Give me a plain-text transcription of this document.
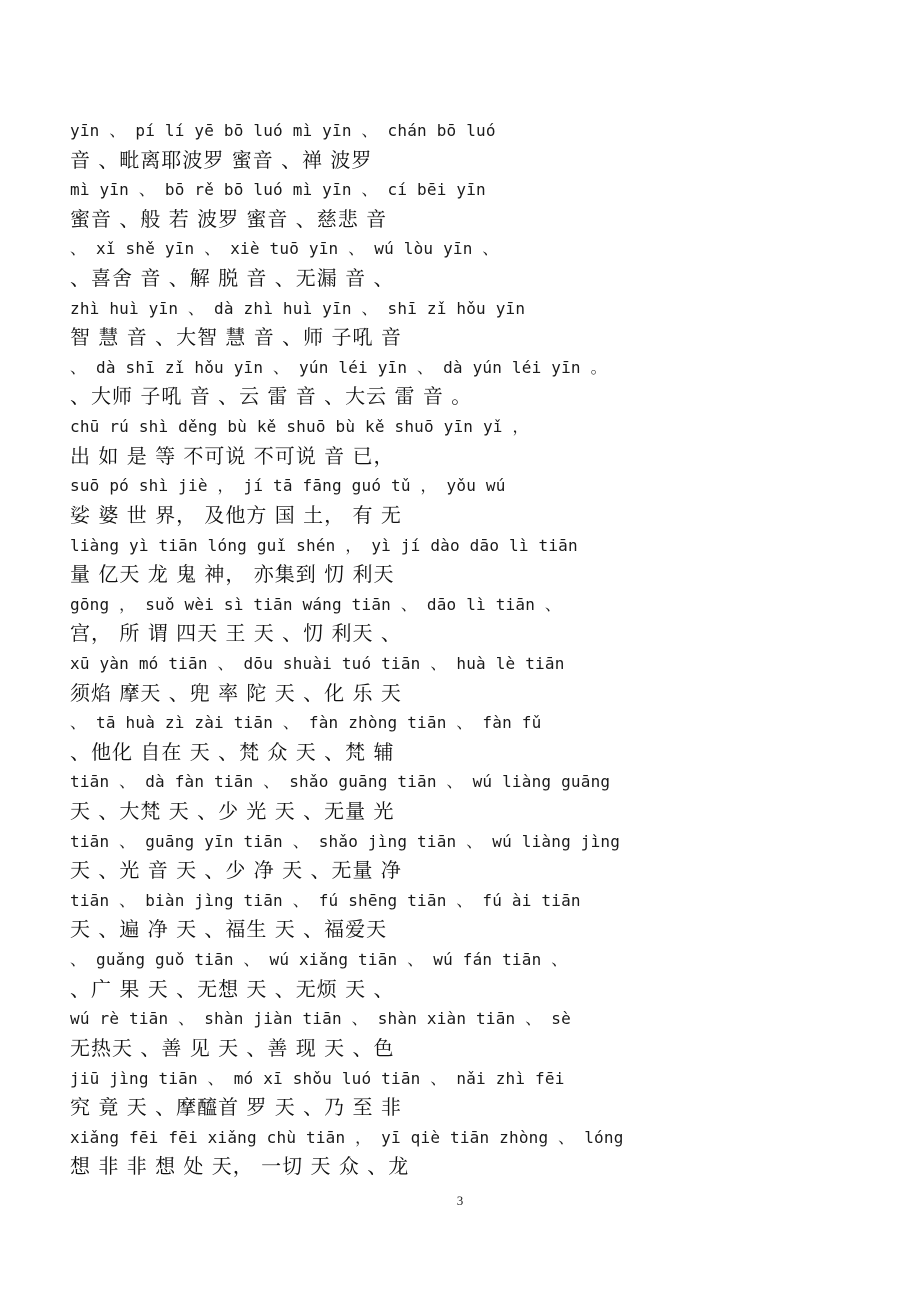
yīn 、 pí lí yē bō luó mì yīn 、 chán bō luó
音 、毗离耶波罗 蜜音 、禅 波罗
mì yīn 、 bō rě bō luó mì yīn 、 cí bēi yīn
蜜音 、般 若 波罗 蜜音 、慈悲 音
、 xǐ shě yīn 、 xiè tuō yīn 、 wú lòu yīn 、
、喜舍 音 、解 脱 音 、无漏 音 、
zhì huì yīn 、 dà zhì huì yīn 、 shī zǐ hǒu yīn
智 慧 音 、大智 慧 音 、师 子吼 音
、 dà shī zǐ hǒu yīn 、 yún léi yīn 、 dà yún léi yīn 。
、大师 子吼 音 、云 雷 音 、大云 雷 音 。
chū rú shì děng bù kě shuō bù kě shuō yīn yǐ ，
出 如 是 等 不可说 不可说 音 已，
suō pó shì jiè ， jí tā fāng guó tǔ ， yǒu wú
娑 婆 世 界， 及他方 国 土， 有 无
liàng yì tiān lóng guǐ shén ， yì jí dào dāo lì tiān
量 亿天 龙 鬼 神， 亦集到 忉 利天
gōng ， suǒ wèi sì tiān wáng tiān 、 dāo lì tiān 、
宫， 所 谓 四天 王 天 、忉 利天 、
xū yàn mó tiān 、 dōu shuài tuó tiān 、 huà lè tiān
须焰 摩天 、兜 率 陀 天 、化 乐 天
、 tā huà zì zài tiān 、 fàn zhòng tiān 、 fàn fǔ
、他化 自在 天 、梵 众 天 、梵 辅
tiān 、 dà fàn tiān 、 shǎo guāng tiān 、 wú liàng guāng
天 、大梵 天 、少 光 天 、无量 光
tiān 、 guāng yīn tiān 、 shǎo jìng tiān 、 wú liàng jìng
天 、光 音 天 、少 净 天 、无量 净
tiān 、 biàn jìng tiān 、 fú shēng tiān 、 fú ài tiān
天 、遍 净 天 、福生 天 、福爱天
、 guǎng guǒ tiān 、 wú xiǎng tiān 、 wú fán tiān 、
、广 果 天 、无想 天 、无烦 天 、
wú rè tiān 、 shàn jiàn tiān 、 shàn xiàn tiān 、 sè
无热天 、善 见 天 、善 现 天 、色
jiū jìng tiān 、 mó xī shǒu luó tiān 、 nǎi zhì fēi
究 竟 天 、摩醯首 罗 天 、乃 至 非
xiǎng fēi fēi xiǎng chù tiān ， yī qiè tiān zhòng 、 lóng
想 非 非 想 处 天， 一切 天 众 、龙
3
